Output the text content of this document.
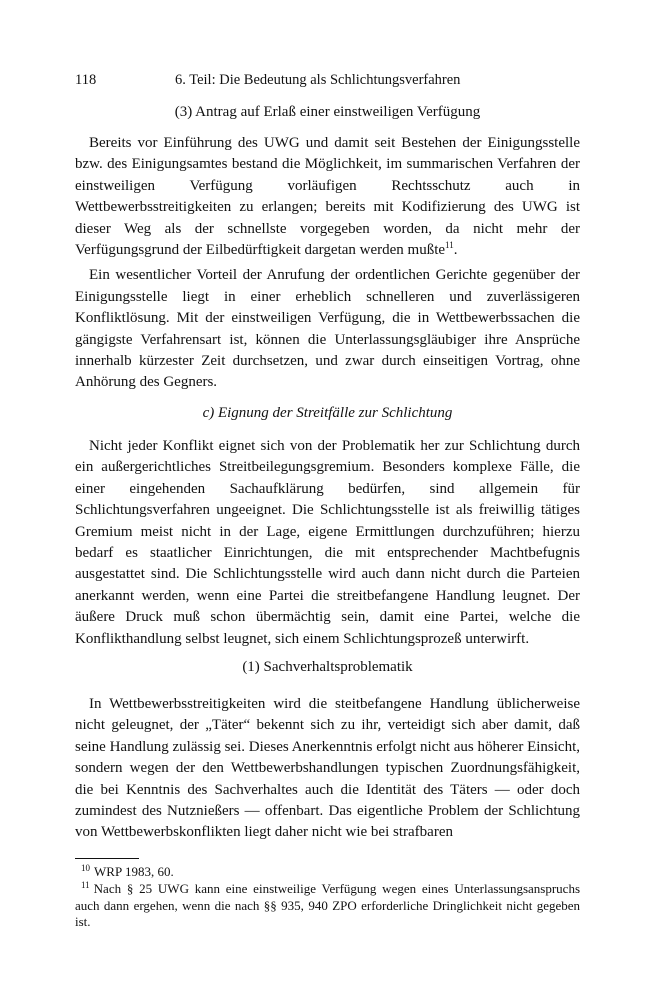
118	6. Teil: Die Bedeutung als Schlichtungsverfahren
(3) Antrag auf Erlaß einer einstweiligen Verfügung

Bereits vor Einführung des UWG und damit seit Bestehen der Einigungsstelle bzw. des Einigungsamtes bestand die Möglichkeit, im summarischen Verfahren der einstweiligen Verfügung vorläufigen Rechtsschutz auch in Wettbewerbsstreitigkeiten zu erlangen; bereits mit Kodifizierung des UWG ist dieser Weg als der schnellste vorgegeben worden, da nicht mehr der Verfügungsgrund der Eilbedürftigkeit dargetan werden mußte$^{11}$.

Ein wesentlicher Vorteil der Anrufung der ordentlichen Gerichte gegenüber der Einigungsstelle liegt in einer erheblich schnelleren und zuverlässigeren Konfliktlösung. Mit der einstweiligen Verfügung, die in Wettbewerbssachen die gängigste Verfahrensart ist, können die Unterlassungsgläubiger ihre Ansprüche innerhalb kürzester Zeit durchsetzen, und zwar durch einseitigen Vortrag, ohne Anhörung des Gegners.

c) Eignung der Streitfälle zur Schlichtung

Nicht jeder Konflikt eignet sich von der Problematik her zur Schlichtung durch ein außergerichtliches Streitbeilegungsgremium. Besonders komplexe Fälle, die einer eingehenden Sachaufklärung bedürfen, sind allgemein für Schlichtungsverfahren ungeeignet. Die Schlichtungsstelle ist als freiwillig tätiges Gremium meist nicht in der Lage, eigene Ermittlungen durchzuführen; hierzu bedarf es staatlicher Einrichtungen, die mit entsprechender Machtbefugnis ausgestattet sind. Die Schlichtungsstelle wird auch dann nicht durch die Parteien anerkannt werden, wenn eine Partei die streitbefangene Handlung leugnet. Der äußere Druck muß schon übermächtig sein, damit eine Partei, welche die Konflikthandlung selbst leugnet, sich einem Schlichtungsprozeß unterwirft.

(1) Sachverhaltsproblematik

In Wettbewerbsstreitigkeiten wird die steitbefangene Handlung üblicherweise nicht geleugnet, der „Täter“ bekennt sich zu ihr, verteidigt sich aber damit, daß seine Handlung zulässig sei. Dieses Anerkenntnis erfolgt nicht aus höherer Einsicht, sondern wegen der den Wettbewerbshandlungen typischen Zuordnungsfähigkeit, die bei Kenntnis des Sachverhaltes auch die Identität des Täters — oder doch zumindest des Nutznießers — offenbart. Das eigentliche Problem der Schlichtung von Wettbewerbskonflikten liegt daher nicht wie bei strafbaren

$^{10}$ WRP 1983, 60.
$^{11}$ Nach § 25 UWG kann eine einstweilige Verfügung wegen eines Unterlassungsanspruchs auch dann ergehen, wenn die nach §§ 935, 940 ZPO erforderliche Dringlichkeit nicht gegeben ist.
